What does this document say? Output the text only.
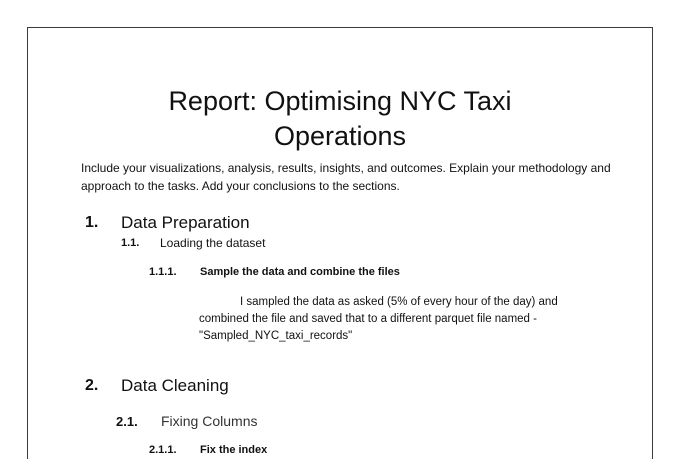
Report: Optimising NYC Taxi
Operations
Include your visualizations, analysis, results, insights, and outcomes. Explain your methodology and approach to the tasks. Add your conclusions to the sections.
1. Data Preparation
1.1. Loading the dataset
1.1.1. Sample the data and combine the files
I sampled the data as asked (5% of every hour of the day) and combined the file and saved that to a different parquet file named - "Sampled_NYC_taxi_records"
2. Data Cleaning
2.1. Fixing Columns
2.1.1. Fix the index
